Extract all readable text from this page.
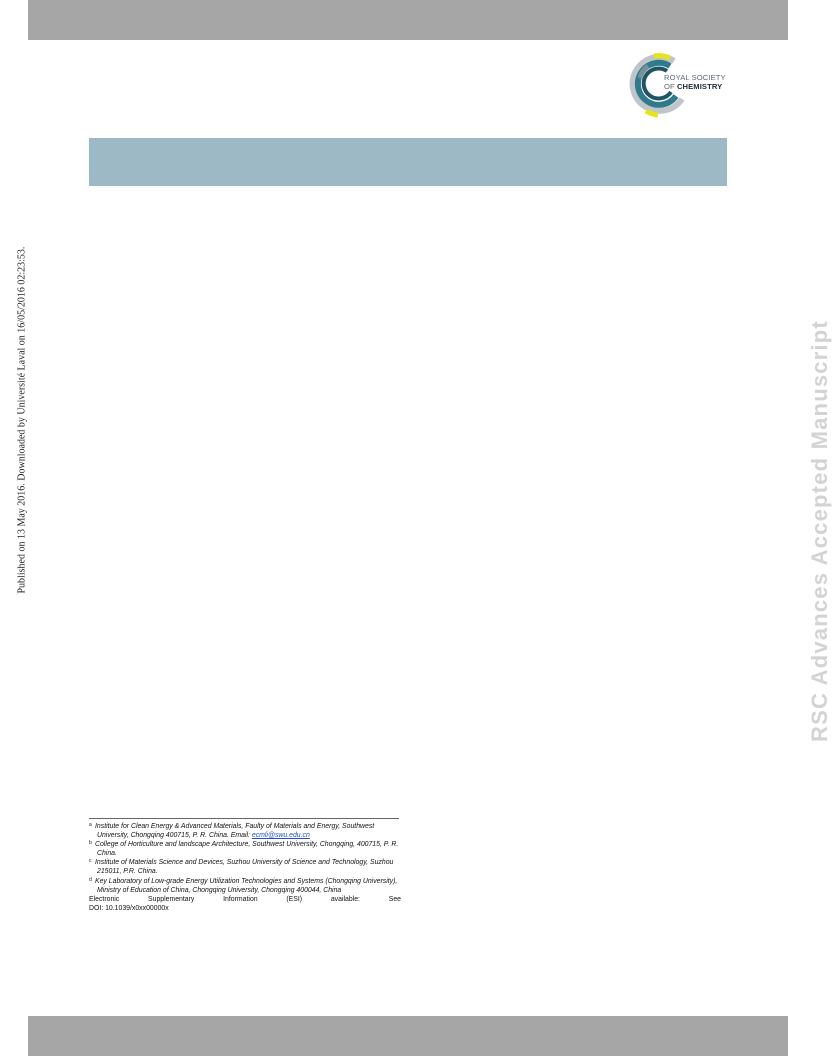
ROYAL SOCIETY
OF CHEMISTRY
Published on 13 May 2016. Downloaded by Université Laval on 16/05/2016 02:23:53.	RSC Advances Accepted Manuscript
$^a$ Institute for Clean Energy & Advanced Materials, Faulty of Materials and Energy, Southwest University, Chongqing 400715, P. R. China. Email: ecmli@swu.edu.cn
$^b$ College of Horticulture and landscape Architecture, Southwest University, Chongqing, 400715, P. R. China.
$^c$ Institute of Materials Science and Devices, Suzhou University of Science and Technology, Suzhou 215011, P.R. China.
$^d$ Key Laboratory of Low-grade Energy Utilization Technologies and Systems (Chongqing University), Ministry of Education of China, Chongqing University, Chongqing 400044, China
Electronic Supplementary Information (ESI) available: See
DOI: 10.1039/x0xx00000x
